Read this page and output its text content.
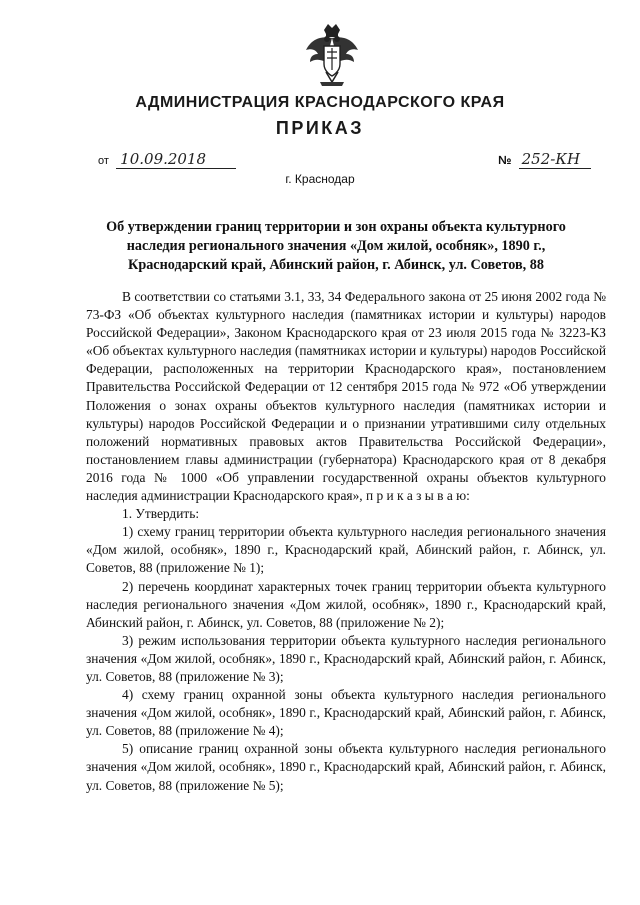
АДМИНИСТРАЦИЯ КРАСНОДАРСКОГО КРАЯ
ПРИКАЗ
от 10.09.2018	№ 252-КН
г. Краснодар
Об утверждении границ территории и зон охраны объекта культурного наследия регионального значения «Дом жилой, особняк», 1890 г., Краснодарский край, Абинский район, г. Абинск, ул. Советов, 88

В соответствии со статьями 3.1, 33, 34 Федерального закона от 25 июня 2002 года № 73-ФЗ «Об объектах культурного наследия (памятниках истории и культуры) народов Российской Федерации», Законом Краснодарского края от 23 июля 2015 года № 3223-КЗ «Об объектах культурного наследия (памятниках истории и культуры) народов Российской Федерации, расположенных на территории Краснодарского края», постановлением Правительства Российской Федерации от 12 сентября 2015 года № 972 «Об утверждении Положения о зонах охраны объектов культурного наследия (памятниках истории и культуры) народов Российской Федерации и о признании утратившими силу отдельных положений нормативных правовых актов Правительства Российской Федерации», постановлением главы администрации (губернатора) Краснодарского края от 8 декабря 2016 года № 1000 «Об управлении государственной охраны объектов культурного наследия администрации Краснодарского края», п р и к а з ы в а ю:

1. Утвердить:

1) схему границ территории объекта культурного наследия регионального значения «Дом жилой, особняк», 1890 г., Краснодарский край, Абинский район, г. Абинск, ул. Советов, 88 (приложение № 1);

2) перечень координат характерных точек границ территории объекта культурного наследия регионального значения «Дом жилой, особняк», 1890 г., Краснодарский край, Абинский район, г. Абинск, ул. Советов, 88 (приложение № 2);

3) режим использования территории объекта культурного наследия регионального значения «Дом жилой, особняк», 1890 г., Краснодарский край, Абинский район, г. Абинск, ул. Советов, 88 (приложение № 3);

4) схему границ охранной зоны объекта культурного наследия регионального значения «Дом жилой, особняк», 1890 г., Краснодарский край, Абинский район, г. Абинск, ул. Советов, 88 (приложение № 4);

5) описание границ охранной зоны объекта культурного наследия регионального значения «Дом жилой, особняк», 1890 г., Краснодарский край, Абинский район, г. Абинск, ул. Советов, 88 (приложение № 5);
